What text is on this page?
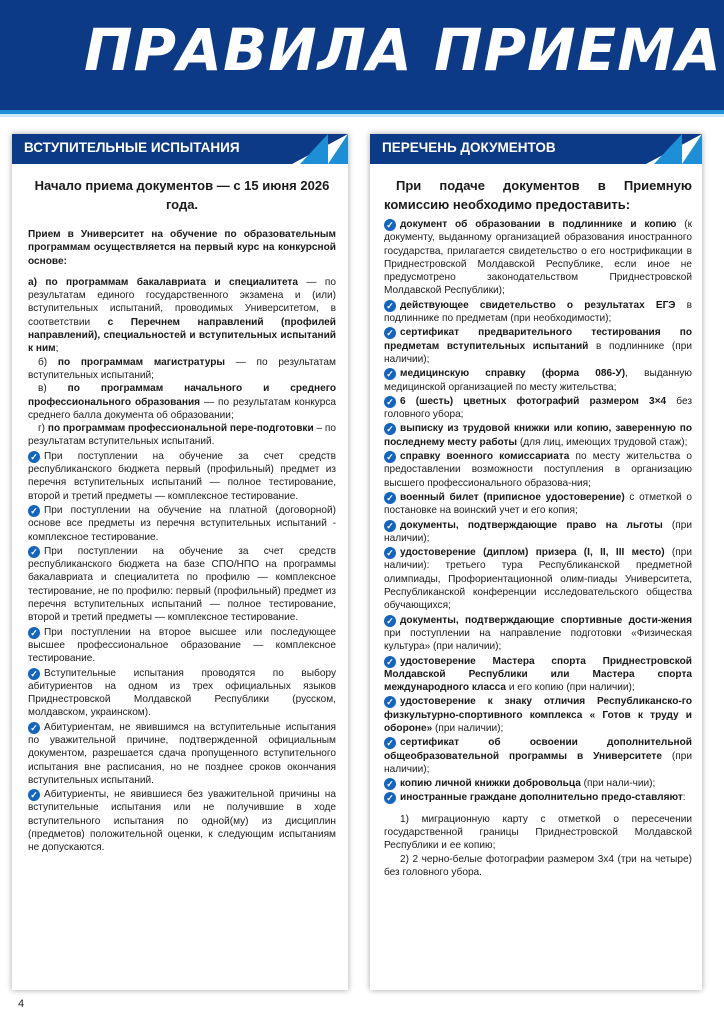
ПРАВИЛА ПРИЕМА
ВСТУПИТЕЛЬНЫЕ ИСПЫТАНИЯ
Начало приема документов — с 15 июня 2026 года.

Прием в Университет на обучение по образовательным программам осуществляется на первый курс на конкурсной основе:

а) по программам бакалавриата и специалитета — по результатам единого государственного экзамена и (или) вступительных испытаний, проводимых Университетом, в соответствии с Перечнем направлений (профилей направлений), специальностей и вступительных испытаний к ним;

б) по программам магистратуры — по результатам вступительных испытаний;

в) по программам начального и среднего профессионального образования — по результатам конкурса среднего балла документа об образовании;

г) по программам профессиональной пере-подготовки – по результатам вступительных испытаний.

✓ При поступлении на обучение за счет средств республиканского бюджета первый (профильный) предмет из перечня вступительных испытаний — полное тестирование, второй и третий предметы — комплексное тестирование.

✓ При поступлении на обучение на платной (договорной) основе все предметы из перечня вступительных испытаний - комплексное тестирование.

✓ При поступлении на обучение за счет средств республиканского бюджета на базе СПО/НПО на программы бакалавриата и специалитета по профилю — комплексное тестирование, не по профилю: первый (профильный) предмет из перечня вступительных испытаний — полное тестирование, второй и третий предметы — комплексное тестирование.

✓ При поступлении на второе высшее или последующее высшее профессиональное образование — комплексное тестирование.

✓ Вступительные испытания проводятся по выбору абитуриентов на одном из трех официальных языков Приднестровской Молдавской Республики (русском, молдавском, украинском).

✓ Абитуриентам, не явившимся на вступительные испытания по уважительной причине, подтвержденной официальным документом, разрешается сдача пропущенного вступительного испытания вне расписания, но не позднее сроков окончания вступительных испытаний.

✓ Абитуриенты, не явившиеся без уважительной причины на вступительные испытания или не получившие в ходе вступительного испытания по одной(му) из дисциплин (предметов) положительной оценки, к следующим испытаниям не допускаются.

ПЕРЕЧЕНЬ ДОКУМЕНТОВ
При подаче документов в Приемную комиссию необходимо предоставить:

✓ документ об образовании в подлиннике и копию (к документу, выданному организацией образования иностранного государства, прилагается свидетельство о его нострификации в Приднестровской Молдавской Республике, если иное не предусмотрено законодательством Приднестровской Молдавской Республики);

✓ действующее свидетельство о результатах ЕГЭ в подлиннике по предметам (при необходимости);

✓ сертификат предварительного тестирования по предметам вступительных испытаний в подлиннике (при наличии);

✓ медицинскую справку (форма 086-У), выданную медицинской организацией по месту жительства;

✓ 6 (шесть) цветных фотографий размером 3×4 без головного убора;

✓ выписку из трудовой книжки или копию, заверенную по последнему месту работы (для лиц, имеющих трудовой стаж);

✓ справку военного комиссариата по месту жительства о предоставлении возможности поступления в организацию высшего профессионального образова-ния;

✓ военный билет (приписное удостоверение) с отметкой о постановке на воинский учет и его копия;

✓ документы, подтверждающие право на льготы (при наличии);

✓ удостоверение (диплом) призера (I, II, III место) (при наличии): третьего тура Республиканской предметной олимпиады, Профориентационной олим-пиады Университета, Республиканской конференции исследовательского общества обучающихся;

✓ документы, подтверждающие спортивные дости-жения при поступлении на направление подготовки «Физическая культура» (при наличии);

✓ удостоверение Мастера спорта Приднестровской Молдавской Республики или Мастера спорта международного класса и его копию (при наличии);

✓ удостоверение к знаку отличия Республиканско-го физкультурно-спортивного комплекса « Готов к труду и обороне» (при наличии);

✓ сертификат об освоении дополнительной общеобразовательной программы в Университете (при наличии);

✓ копию личной книжки добровольца (при нали-чии);

✓ иностранные граждане дополнительно предо-ставляют:

1) миграционную карту с отметкой о пересечении государственной границы Приднестровской Молдавской Республики и ее копию;

2) 2 черно-белые фотографии размером 3х4 (три на четыре) без головного убора.

4
